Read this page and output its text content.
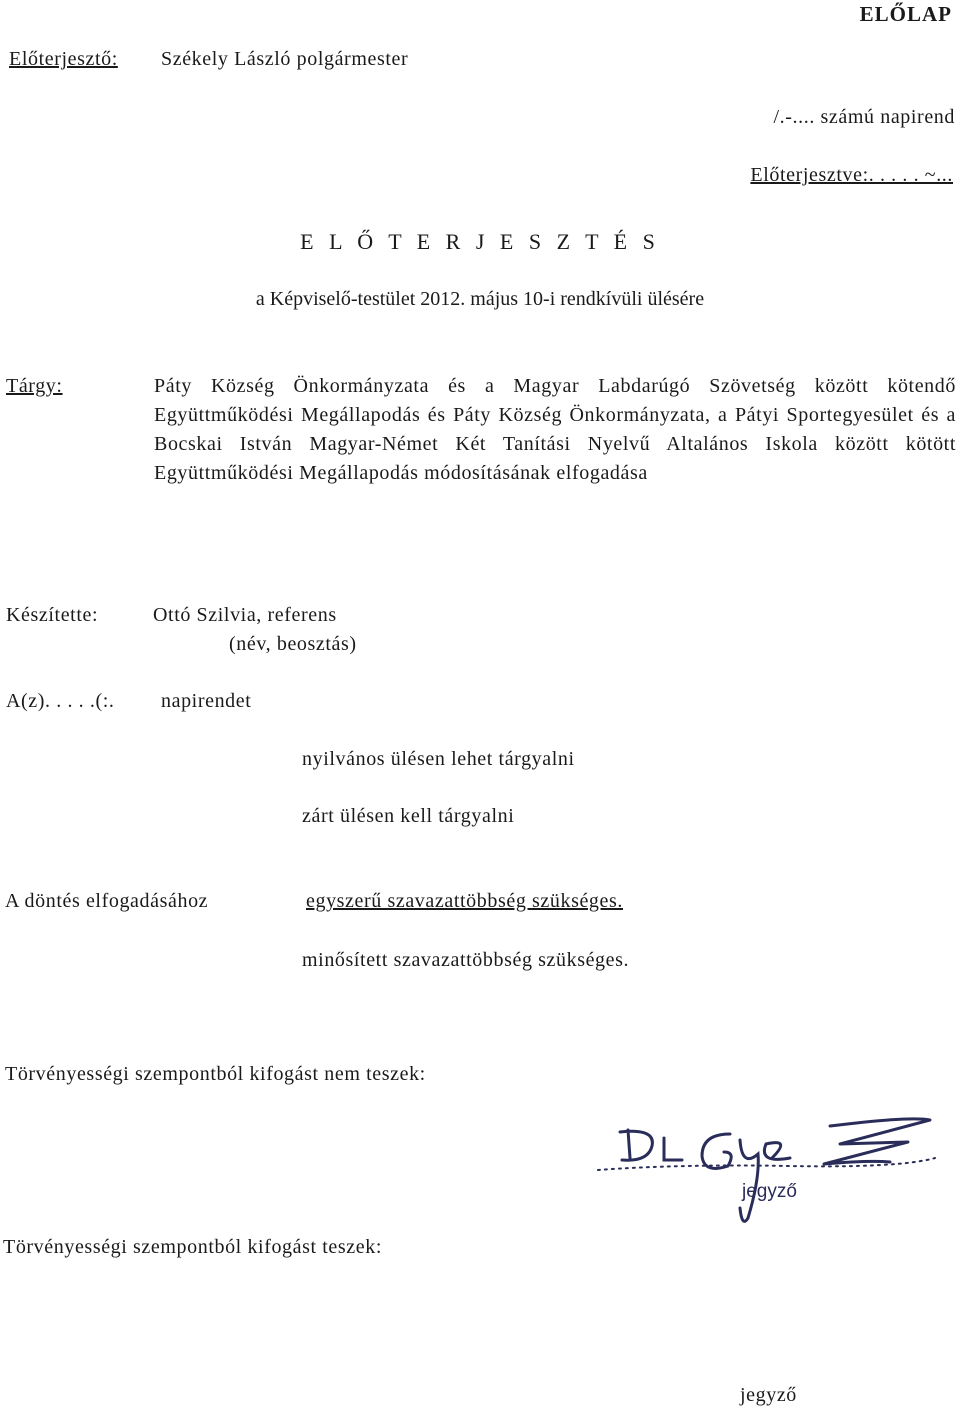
ELŐLAP
Előterjesztő: Székely László polgármester
/.-.... számú napirend
Előterjesztve:. . . . . ~...
E L Ő T E R J E S Z T É S
a Képviselő-testület 2012. május 10-i rendkívüli ülésére
Tárgy:	Páty Község Önkormányzata és a Magyar Labdarúgó Szövetség között kötendő Együttműködési Megállapodás és Páty Község Önkormányzata, a Pátyi Sportegyesület és a Bocskai István Magyar-Német Két Tanítási Nyelvű Altalános Iskola között kötött Együttműködési Megállapodás módosításának elfogadása
Készítette:	Ottó Szilvia, referens
(név, beosztás)
A(z). . . . .(:. napirendet
nyilvános ülésen lehet tárgyalni
zárt ülésen kell tárgyalni
A döntés elfogadásához	egyszerű szavazattöbbség szükséges.
minősített szavazattöbbség szükséges.
Törvényességi szempontból kifogást nem teszek:
jegyző
Törvényességi szempontból kifogást teszek:
jegyző
